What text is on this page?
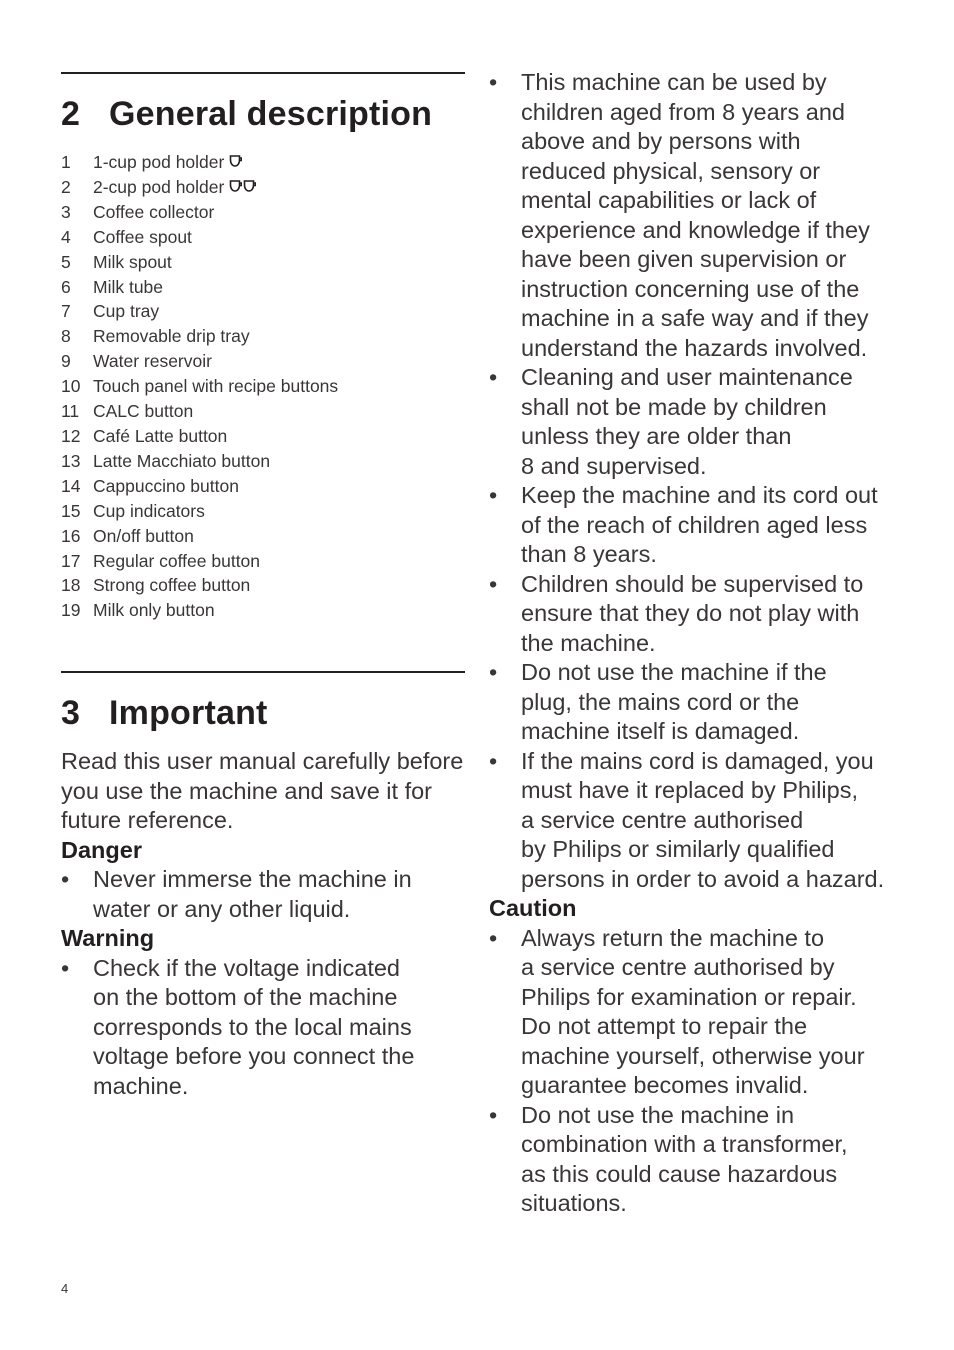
2 General description
1	1-cup pod holder
2	2-cup pod holder
3	Coffee collector
4	Coffee spout
5	Milk spout
6	Milk tube
7	Cup tray
8	Removable drip tray
9	Water reservoir
10 Touch panel with recipe buttons
11 CALC button
12 Café Latte button
13 Latte Macchiato button
14 Cappuccino button
15 Cup indicators
16 On/off button
17 Regular coffee button
18 Strong coffee button
19 Milk only button
3 Important

Read this user manual carefully before
you use the machine and save it for
future reference.

Danger

•	Never immerse the machine in
water or any other liquid.

Warning

•	Check if the voltage indicated
on the bottom of the machine
corresponds to the local mains
voltage before you connect the
machine.
•	This machine can be used by
children aged from 8 years and
above and by persons with
reduced physical, sensory or
mental capabilities or lack of
experience and knowledge if they
have been given supervision or
instruction concerning use of the
machine in a safe way and if they
understand the hazards involved.
•	Cleaning and user maintenance
shall not be made by children
unless they are older than
8 and supervised.
•	Keep the machine and its cord out
of the reach of children aged less
than 8 years.
•	Children should be supervised to
ensure that they do not play with
the machine.
•	Do not use the machine if the
plug, the mains cord or the
machine itself is damaged.
•	If the mains cord is damaged, you
must have it replaced by Philips,
a service centre authorised
by Philips or similarly qualified
persons in order to avoid a hazard.

Caution

•	Always return the machine to
a service centre authorised by
Philips for examination or repair.
Do not attempt to repair the
machine yourself, otherwise your
guarantee becomes invalid.
•	Do not use the machine in
combination with a transformer,
as this could cause hazardous
situations.
4
